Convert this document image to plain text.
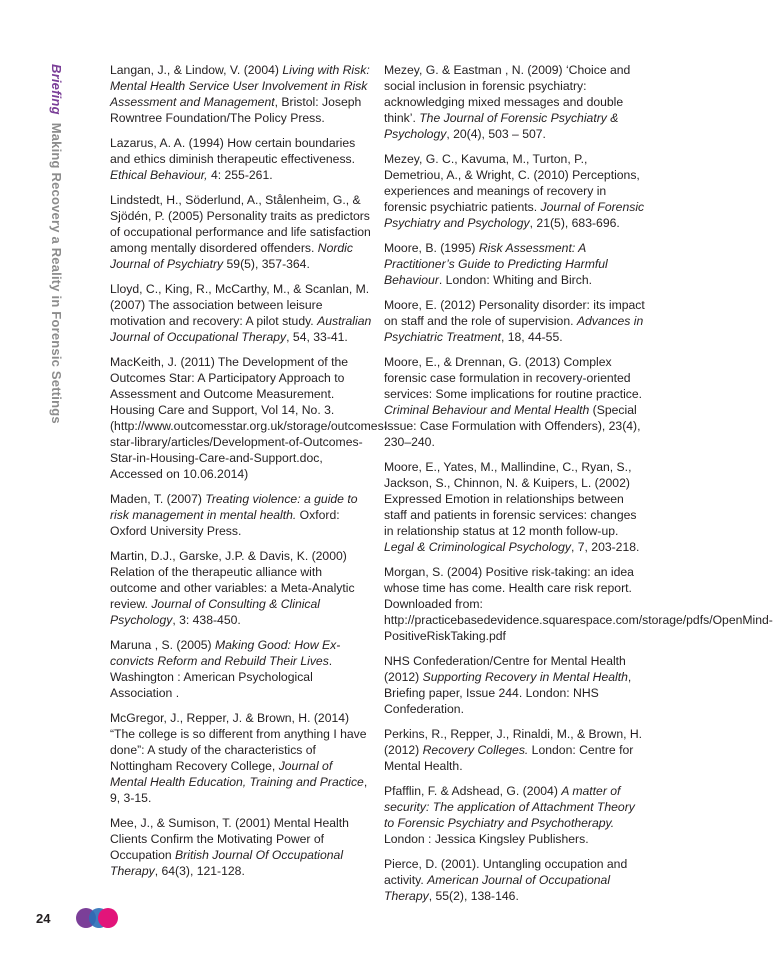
BriefingMaking Recovery a Reality in Forensic Settings

Langan, J., & Lindow, V. (2004) Living with Risk: Mental Health Service User Involvement in Risk Assessment and Management, Bristol: Joseph Rowntree Foundation/The Policy Press.

Lazarus, A. A. (1994) How certain boundaries and ethics diminish therapeutic effectiveness. Ethical Behaviour, 4: 255-261.

Lindstedt, H., Söderlund, A., Stålenheim, G., & Sjödén, P. (2005) Personality traits as predictors of occupational performance and life satisfaction among mentally disordered offenders. Nordic Journal of Psychiatry 59(5), 357-364.

Lloyd, C., King, R., McCarthy, M., & Scanlan, M. (2007) The association between leisure motivation and recovery: A pilot study. Australian Journal of Occupational Therapy, 54, 33-41.

MacKeith, J. (2011) The Development of the Outcomes Star: A Participatory Approach to Assessment and Outcome Measurement. Housing Care and Support, Vol 14, No. 3. (http://www.outcomesstar.org.uk/storage/outcomes-star-library/articles/Development-of-Outcomes-Star-in-Housing-Care-and-Support.doc, Accessed on 10.06.2014)

Maden, T. (2007) Treating violence: a guide to risk management in mental health. Oxford: Oxford University Press.

Martin, D.J., Garske, J.P. & Davis, K. (2000) Relation of the therapeutic alliance with outcome and other variables: a Meta-Analytic review. Journal of Consulting & Clinical Psychology, 3: 438-450.

Maruna , S. (2005) Making Good: How Ex-convicts Reform and Rebuild Their Lives. Washington : American Psychological Association .

McGregor, J., Repper, J. & Brown, H. (2014) “The college is so different from anything I have done”: A study of the characteristics of Nottingham Recovery College, Journal of Mental Health Education, Training and Practice, 9, 3-15.

Mee, J., & Sumison, T. (2001) Mental Health Clients Confirm the Motivating Power of Occupation British Journal Of Occupational Therapy, 64(3), 121-128.

Mezey, G. & Eastman , N. (2009) ‘Choice and social inclusion in forensic psychiatry: acknowledging mixed messages and double think’. The Journal of Forensic Psychiatry & Psychology, 20(4), 503 – 507.

Mezey, G. C., Kavuma, M., Turton, P., Demetriou, A., & Wright, C. (2010) Perceptions, experiences and meanings of recovery in forensic psychiatric patients. Journal of Forensic Psychiatry and Psychology, 21(5), 683-696.

Moore, B. (1995) Risk Assessment: A Practitioner’s Guide to Predicting Harmful Behaviour. London: Whiting and Birch.

Moore, E. (2012) Personality disorder: its impact on staff and the role of supervision. Advances in Psychiatric Treatment, 18, 44-55.

Moore, E., & Drennan, G. (2013) Complex forensic case formulation in recovery-oriented services: Some implications for routine practice. Criminal Behaviour and Mental Health (Special Issue: Case Formulation with Offenders), 23(4), 230–240.

Moore, E., Yates, M., Mallindine, C., Ryan, S., Jackson, S., Chinnon, N. & Kuipers, L. (2002) Expressed Emotion in relationships between staff and patients in forensic services: changes in relationship status at 12 month follow-up. Legal & Criminological Psychology, 7, 203-218.

Morgan, S. (2004) Positive risk-taking: an idea whose time has come. Health care risk report. Downloaded from: http://practicebasedevidence.squarespace.com/storage/pdfs/OpenMind-PositiveRiskTaking.pdf

NHS Confederation/Centre for Mental Health (2012) Supporting Recovery in Mental Health, Briefing paper, Issue 244. London: NHS Confederation.

Perkins, R., Repper, J., Rinaldi, M., & Brown, H. (2012) Recovery Colleges. London: Centre for Mental Health.

Pfafflin, F. & Adshead, G. (2004) A matter of security: The application of Attachment Theory to Forensic Psychiatry and Psychotherapy. London : Jessica Kingsley Publishers.

Pierce, D. (2001). Untangling occupation and activity. American Journal of Occupational Therapy, 55(2), 138-146.

24
